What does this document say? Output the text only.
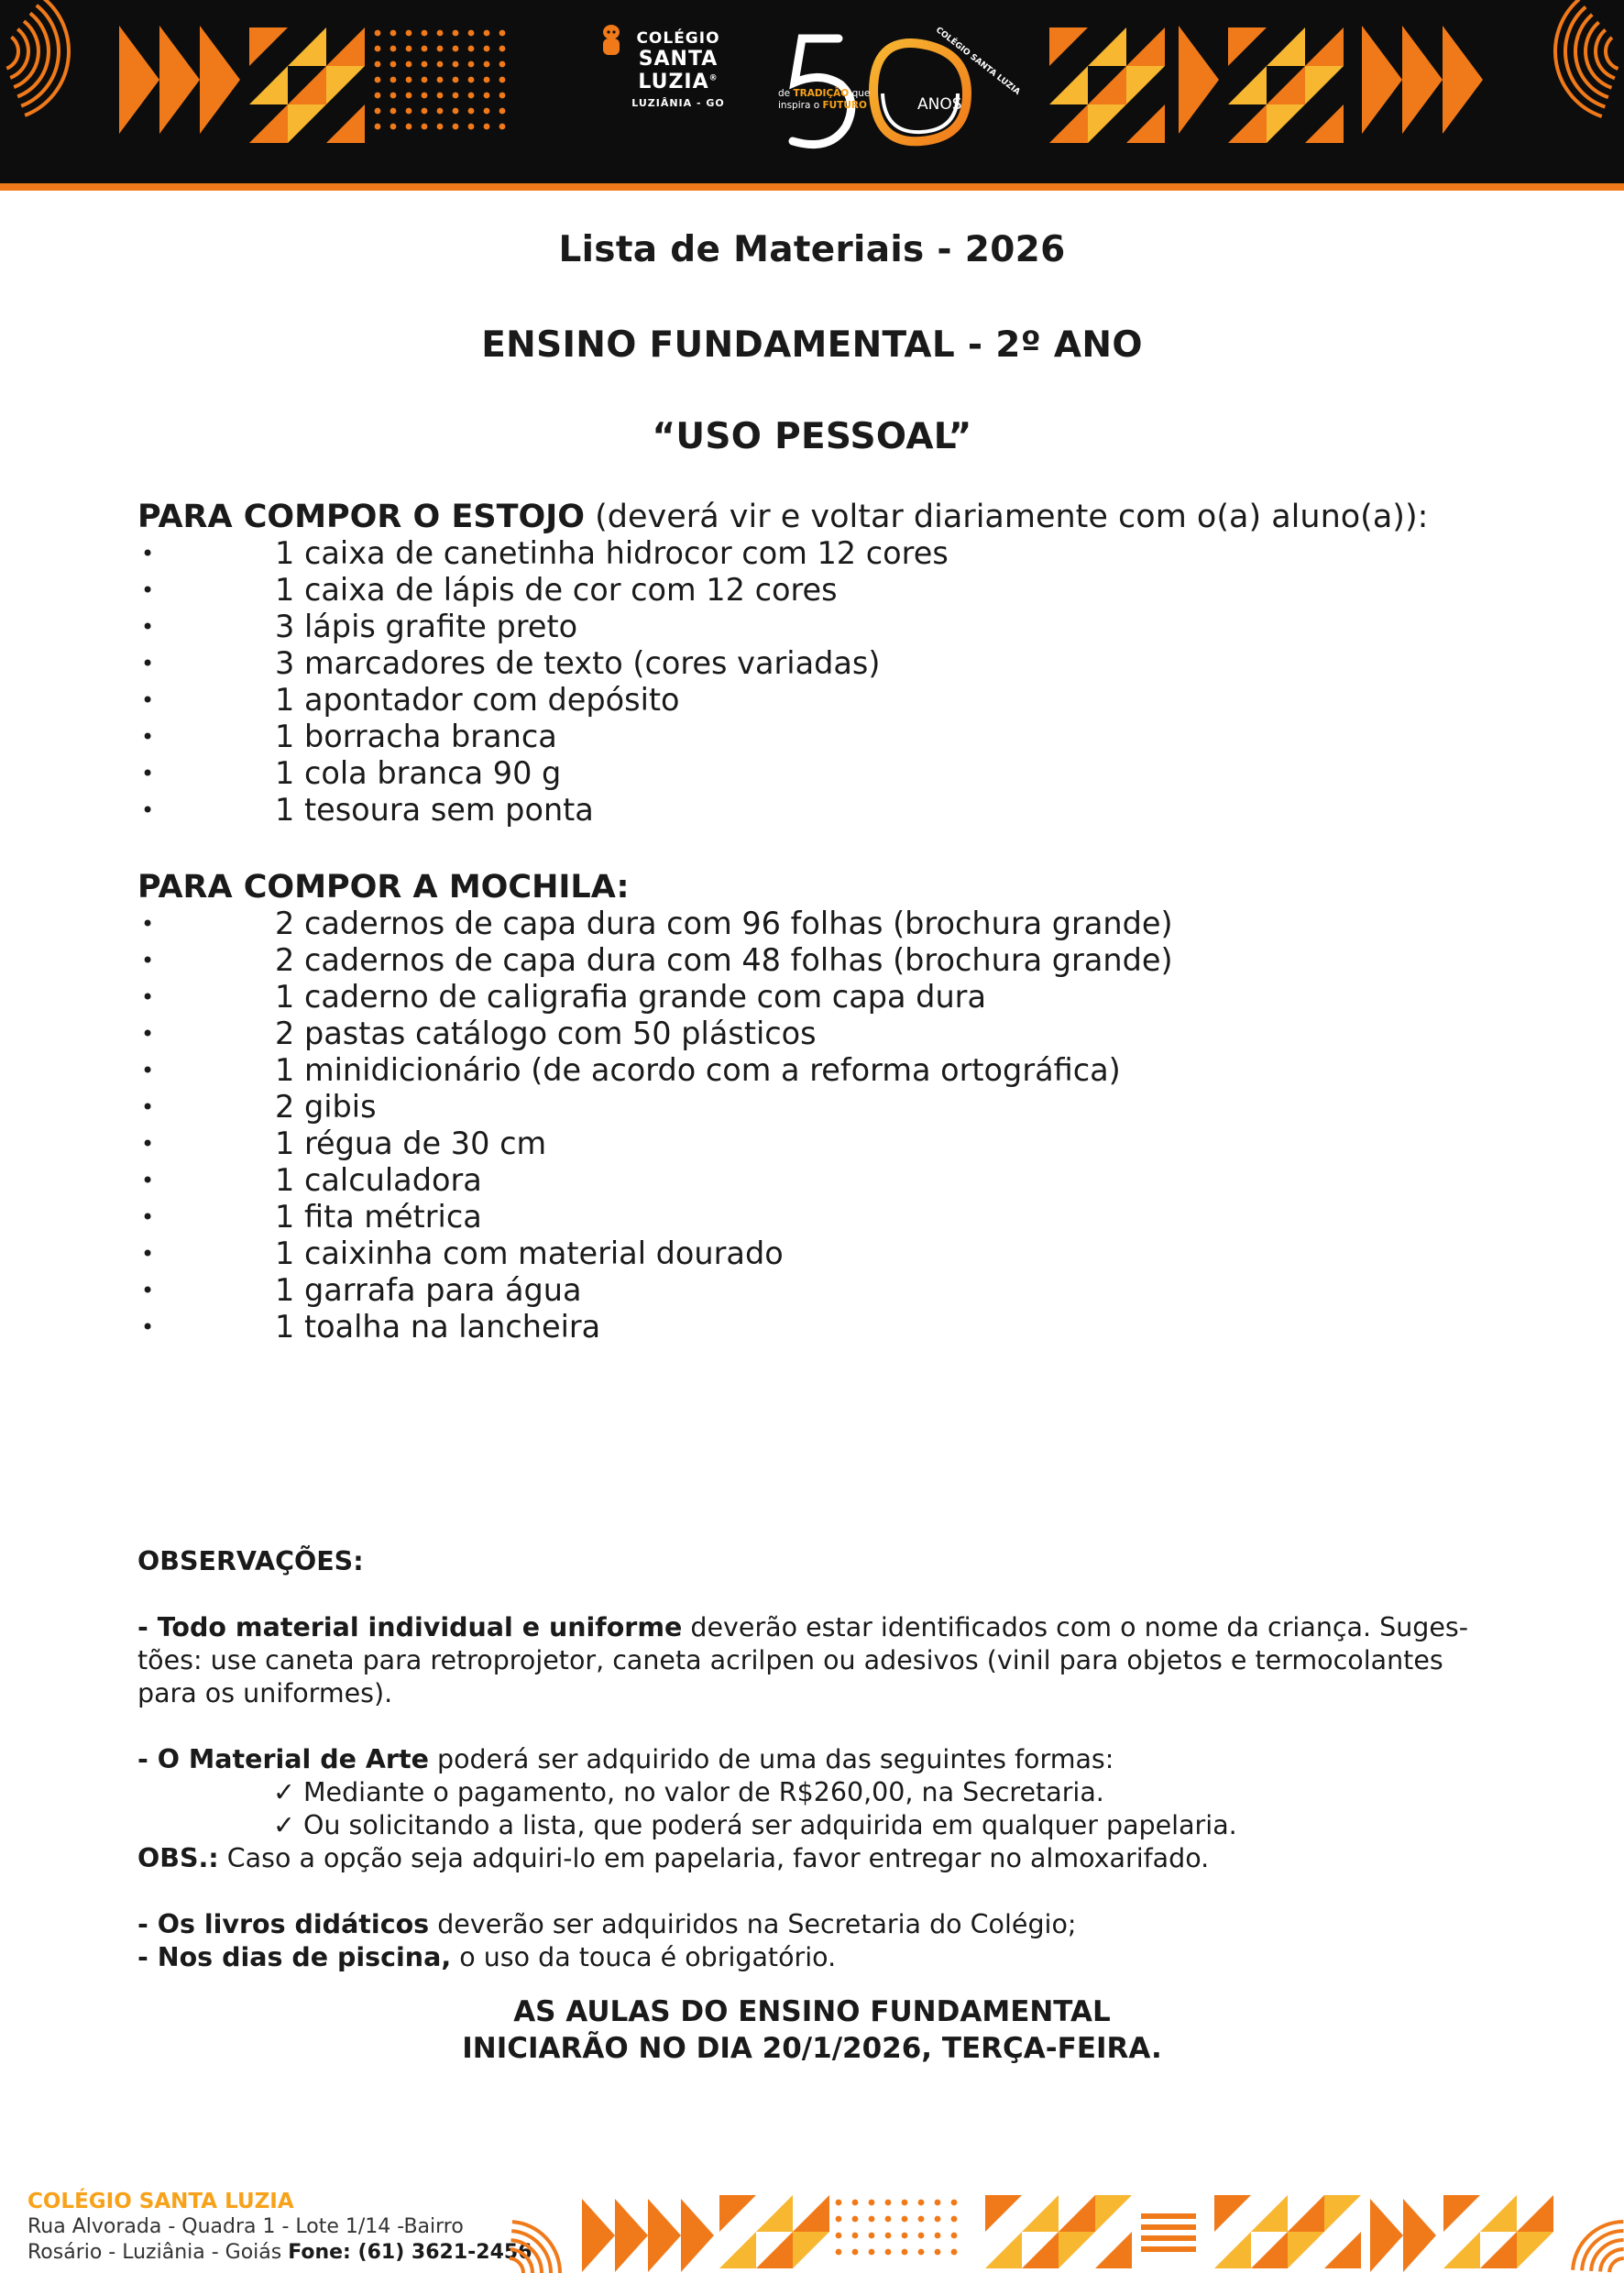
COLÉGIO
SANTA LUZIA®
LUZIÂNIA - GO
de TRADIÇÃO que
inspira o FUTURO	ANOS
COLÉGIO SANTA LUZIA
Lista de Materiais - 2026
ENSINO FUNDAMENTAL - 2º ANO
“USO PESSOAL”
PARA COMPOR O ESTOJO (deverá vir e voltar diariamente com o(a) aluno(a)):
•	1 caixa de canetinha hidrocor com 12 cores
•	1 caixa de lápis de cor com 12 cores
•	3 lápis grafite preto
•	3 marcadores de texto (cores variadas)
•	1 apontador com depósito
•	1 borracha branca
•	1 cola branca 90 g
•	1 tesoura sem ponta
PARA COMPOR A MOCHILA:
•	2 cadernos de capa dura com 96 folhas (brochura grande)
•	2 cadernos de capa dura com 48 folhas (brochura grande)
•	1 caderno de caligrafia grande com capa dura
•	2 pastas catálogo com 50 plásticos
•	1 minidicionário (de acordo com a reforma ortográfica)
•	2 gibis
•	1 régua de 30 cm
•	1 calculadora
•	1 fita métrica
•	1 caixinha com material dourado
•	1 garrafa para água
•	1 toalha na lancheira

OBSERVAÇÕES:

- Todo material individual e uniforme deverão estar identificados com o nome da criança. Suges-
tões: use caneta para retroprojetor, caneta acrilpen ou adesivos (vinil para objetos e termocolantes
para os uniformes).

- O Material de Arte poderá ser adquirido de uma das seguintes formas:

✓ Mediante o pagamento, no valor de R$260,00, na Secretaria.

✓ Ou solicitando a lista, que poderá ser adquirida em qualquer papelaria.

OBS.: Caso a opção seja adquiri-lo em papelaria, favor entregar no almoxarifado.

- Os livros didáticos deverão ser adquiridos na Secretaria do Colégio;

- Nos dias de piscina, o uso da touca é obrigatório.

AS AULAS DO ENSINO FUNDAMENTAL
INICIARÃO NO DIA 20/1/2026, TERÇA-FEIRA.
COLÉGIO SANTA LUZIA
Rua Alvorada - Quadra 1 - Lote 1/14 -Bairro
Rosário - Luziânia - Goiás Fone: (61) 3621-2456
